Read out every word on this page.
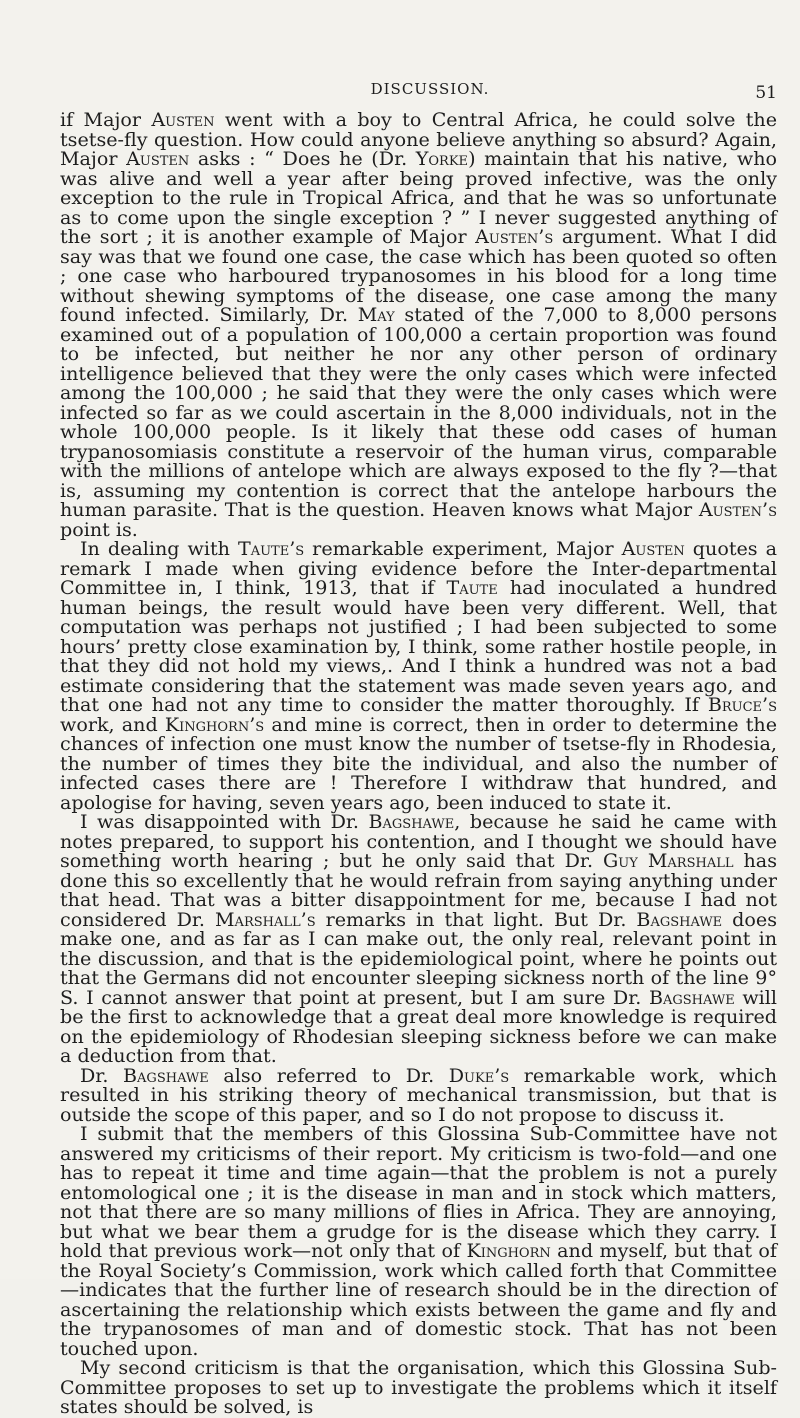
DISCUSSION.	51

if Major Austen went with a boy to Central Africa, he could solve the tsetse-fly question. How could anyone believe anything so absurd? Again, Major Austen asks : “ Does he (Dr. Yorke) maintain that his native, who was alive and well a year after being proved infective, was the only exception to the rule in Tropical Africa, and that he was so unfortunate as to come upon the single exception ? ” I never suggested anything of the sort ; it is another example of Major Austen’s argument. What I did say was that we found one case, the case which has been quoted so often ; one case who harboured trypanosomes in his blood for a long time without shewing symptoms of the disease, one case among the many found infected. Similarly, Dr. May stated of the 7,000 to 8,000 persons examined out of a population of 100,000 a certain proportion was found to be infected, but neither he nor any other person of ordinary intelligence believed that they were the only cases which were infected among the 100,000 ; he said that they were the only cases which were infected so far as we could ascertain in the 8,000 individuals, not in the whole 100,000 people. Is it likely that these odd cases of human trypanosomiasis constitute a reservoir of the human virus, comparable with the millions of antelope which are always exposed to the fly ?—that is, assuming my contention is correct that the antelope harbours the human parasite. That is the question. Heaven knows what Major Austen’s point is.

In dealing with Taute’s remarkable experiment, Major Austen quotes a remark I made when giving evidence before the Inter-departmental Committee in, I think, 1913, that if Taute had inoculated a hundred human beings, the result would have been very different. Well, that computation was perhaps not justified ; I had been subjected to some hours’ pretty close examination by, I think, some rather hostile people, in that they did not hold my views,. And I think a hundred was not a bad estimate considering that the statement was made seven years ago, and that one had not any time to consider the matter thoroughly. If Bruce’s work, and Kinghorn’s and mine is correct, then in order to determine the chances of infection one must know the number of tsetse-fly in Rhodesia, the number of times they bite the individual, and also the number of infected cases there are ! Therefore I withdraw that hundred, and apologise for having, seven years ago, been induced to state it.

I was disappointed with Dr. Bagshawe, because he said he came with notes prepared, to support his contention, and I thought we should have something worth hearing ; but he only said that Dr. Guy Marshall has done this so excellently that he would refrain from saying anything under that head. That was a bitter disappointment for me, because I had not considered Dr. Marshall’s remarks in that light. But Dr. Bagshawe does make one, and as far as I can make out, the only real, relevant point in the discussion, and that is the epidemiological point, where he points out that the Germans did not encounter sleeping sickness north of the line 9° S. I cannot answer that point at present, but I am sure Dr. Bagshawe will be the first to acknowledge that a great deal more knowledge is required on the epidemiology of Rhodesian sleeping sickness before we can make a deduction from that.

Dr. Bagshawe also referred to Dr. Duke’s remarkable work, which resulted in his striking theory of mechanical transmission, but that is outside the scope of this paper, and so I do not propose to discuss it.

I submit that the members of this Glossina Sub-Committee have not answered my criticisms of their report. My criticism is two-fold—and one has to repeat it time and time again—that the problem is not a purely entomological one ; it is the disease in man and in stock which matters, not that there are so many millions of flies in Africa. They are annoying, but what we bear them a grudge for is the disease which they carry. I hold that previous work—not only that of Kinghorn and myself, but that of the Royal Society’s Commission, work which called forth that Committee—indicates that the further line of research should be in the direction of ascertaining the relationship which exists between the game and fly and the trypanosomes of man and of domestic stock. That has not been touched upon.

My second criticism is that the organisation, which this Glossina Sub-Committee proposes to set up to investigate the problems which it itself states should be solved, is
